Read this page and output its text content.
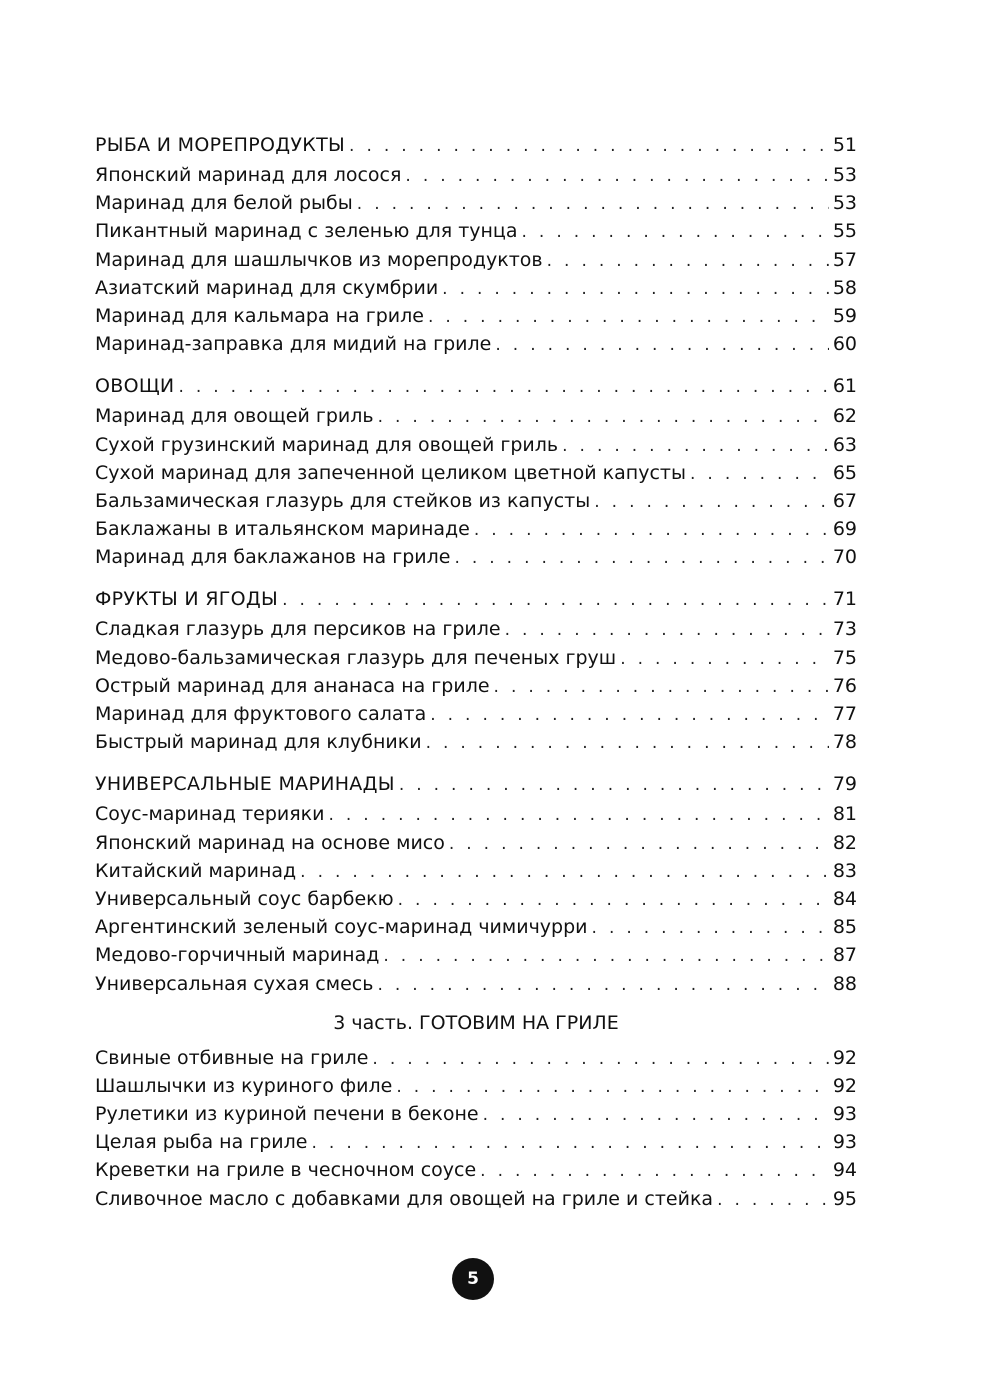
РЫБА И МОРЕПРОДУКТЫ . . .	51
Японский маринад для лосося . . .	53
Маринад для белой рыбы . . .	53
Пикантный маринад с зеленью для тунца . . .	55
Маринад для шашлычков из морепродуктов . . .	57
Азиатский маринад для скумбрии . . .	58
Маринад для кальмара на гриле . . .	59
Маринад-заправка для мидий на гриле . . .	60
ОВОЩИ . . .	61
Маринад для овощей гриль . . .	62
Сухой грузинский маринад для овощей гриль . . .	63
Сухой маринад для запеченной целиком цветной капусты . . .	65
Бальзамическая глазурь для стейков из капусты . . .	67
Баклажаны в итальянском маринаде . . .	69
Маринад для баклажанов на гриле . . .	70
ФРУКТЫ И ЯГОДЫ . . .	71
Сладкая глазурь для персиков на гриле . . .	73
Медово-бальзамическая глазурь для печеных груш . . .	75
Острый маринад для ананаса на гриле . . .	76
Маринад для фруктового салата . . .	77
Быстрый маринад для клубники . . .	78
УНИВЕРСАЛЬНЫЕ МАРИНАДЫ . . .	79
Соус-маринад терияки . . .	81
Японский маринад на основе мисо . . .	82
Китайский маринад . . .	83
Универсальный соус барбекю . . .	84
Аргентинский зеленый соус-маринад чимичурри . . .	85
Медово-горчичный маринад . . .	87
Универсальная сухая смесь . . .	88
3 часть. ГОТОВИМ НА ГРИЛЕ
Свиные отбивные на гриле . . .	92
Шашлычки из куриного филе . . .	92
Рулетики из куриной печени в беконе . . .	93
Целая рыба на гриле . . .	93
Креветки на гриле в чесночном соусе . . .	94
Сливочное масло с добавками для овощей на гриле и стейка . . .	95
5
